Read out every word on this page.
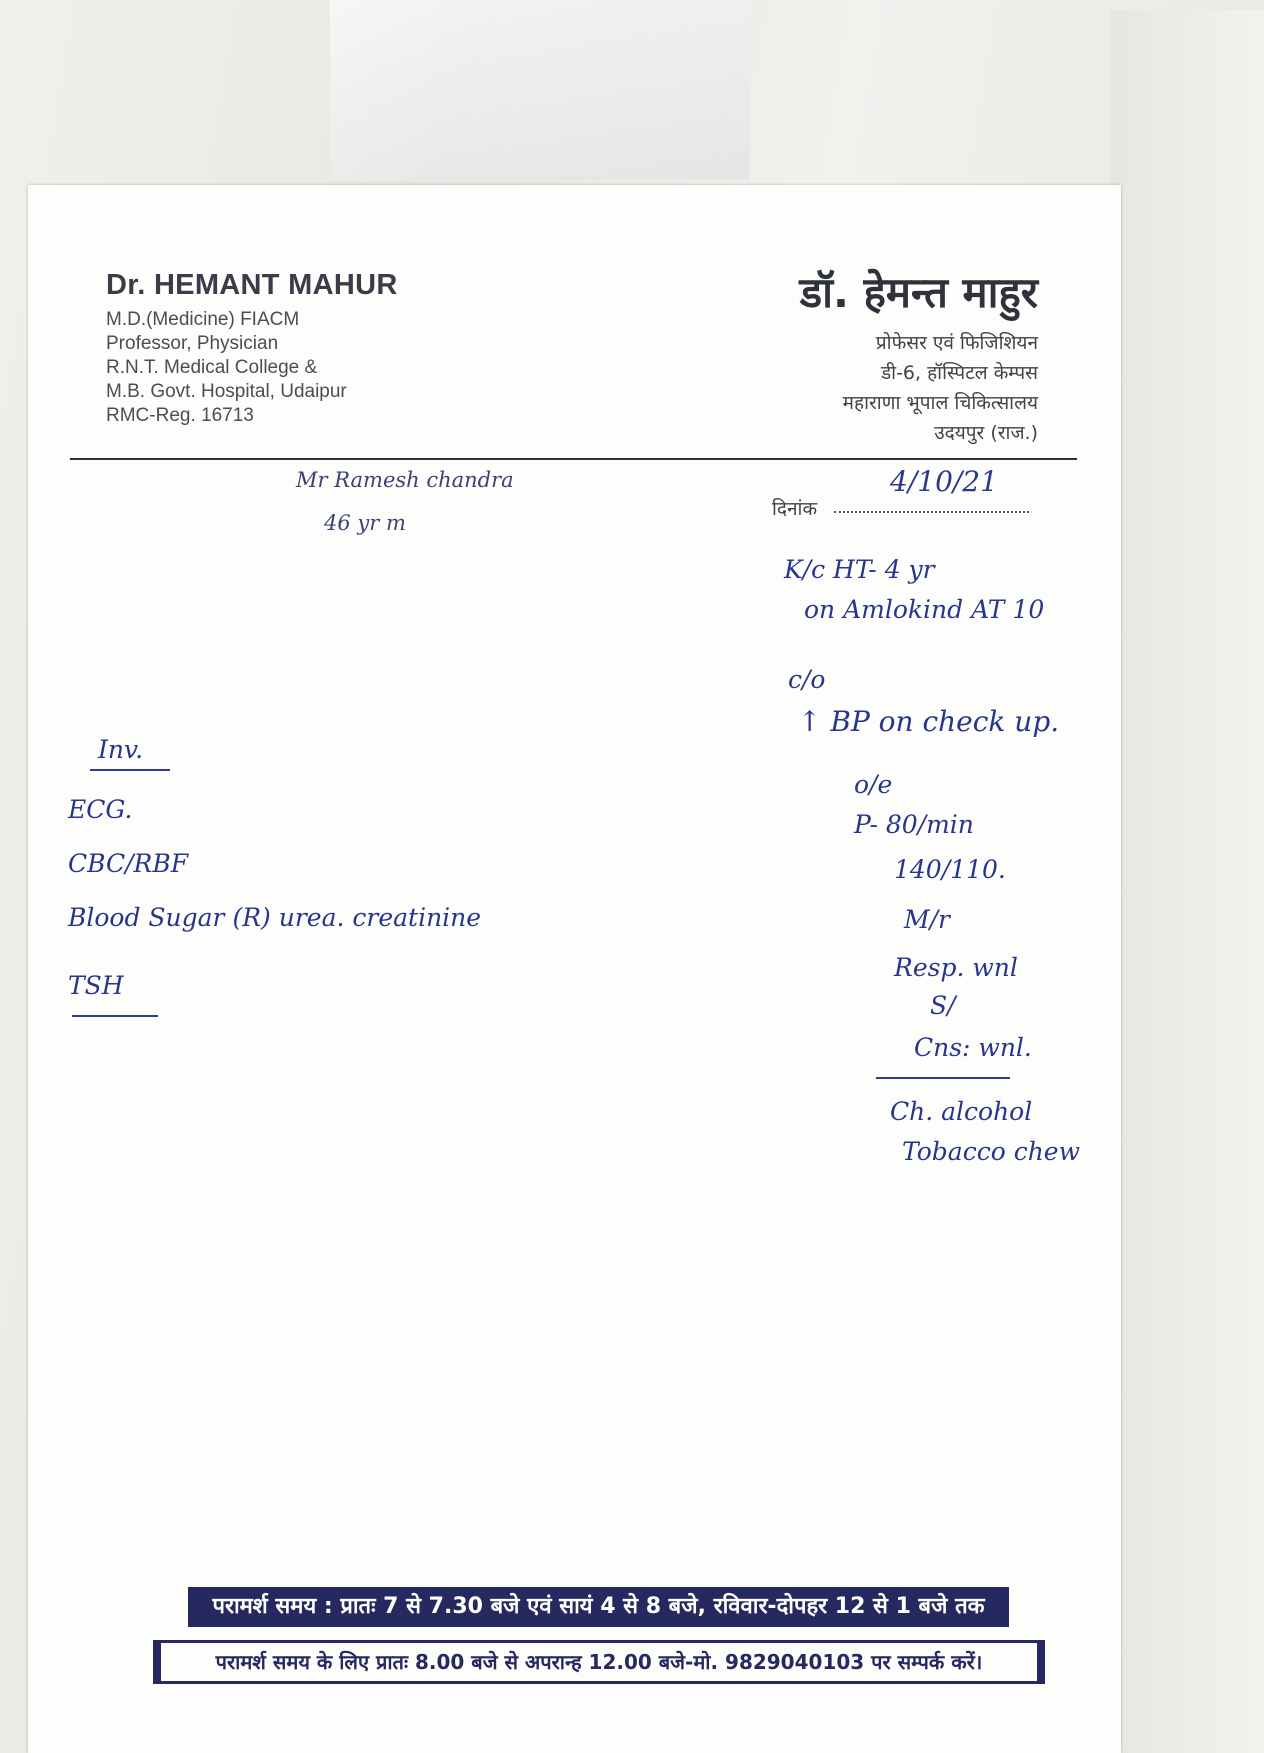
Dr. HEMANT MAHUR
M.D.(Medicine) FIACM
Professor, Physician
R.N.T. Medical College &
M.B. Govt. Hospital, Udaipur
RMC-Reg. 16713
डॉ. हेमन्त माहुर
प्रोफेसर एवं फिजिशियन
डी-6, हॉस्पिटल केम्पस
महाराणा भूपाल चिकित्सालय
उदयपुर (राज.)
दिनांक
4/10/21
Mr Ramesh chandra
46 yr m
K/c HT- 4 yr
on Amlokind AT 10
c/o
↑ BP on check up.
o/e
P- 80/min
140/110.
M/r
Resp. wnl
S/
Cns: wnl.
Inv.
ECG.
CBC/RBF
Blood Sugar (R) urea. creatinine
TSH
Ch. alcohol
Tobacco chew
परामर्श समय : प्रातः 7 से 7.30 बजे एवं सायं 4 से 8 बजे, रविवार-दोपहर 12 से 1 बजे तक
परामर्श समय के लिए प्रातः 8.00 बजे से अपरान्ह 12.00 बजे-मो. 9829040103 पर सम्पर्क करें।
